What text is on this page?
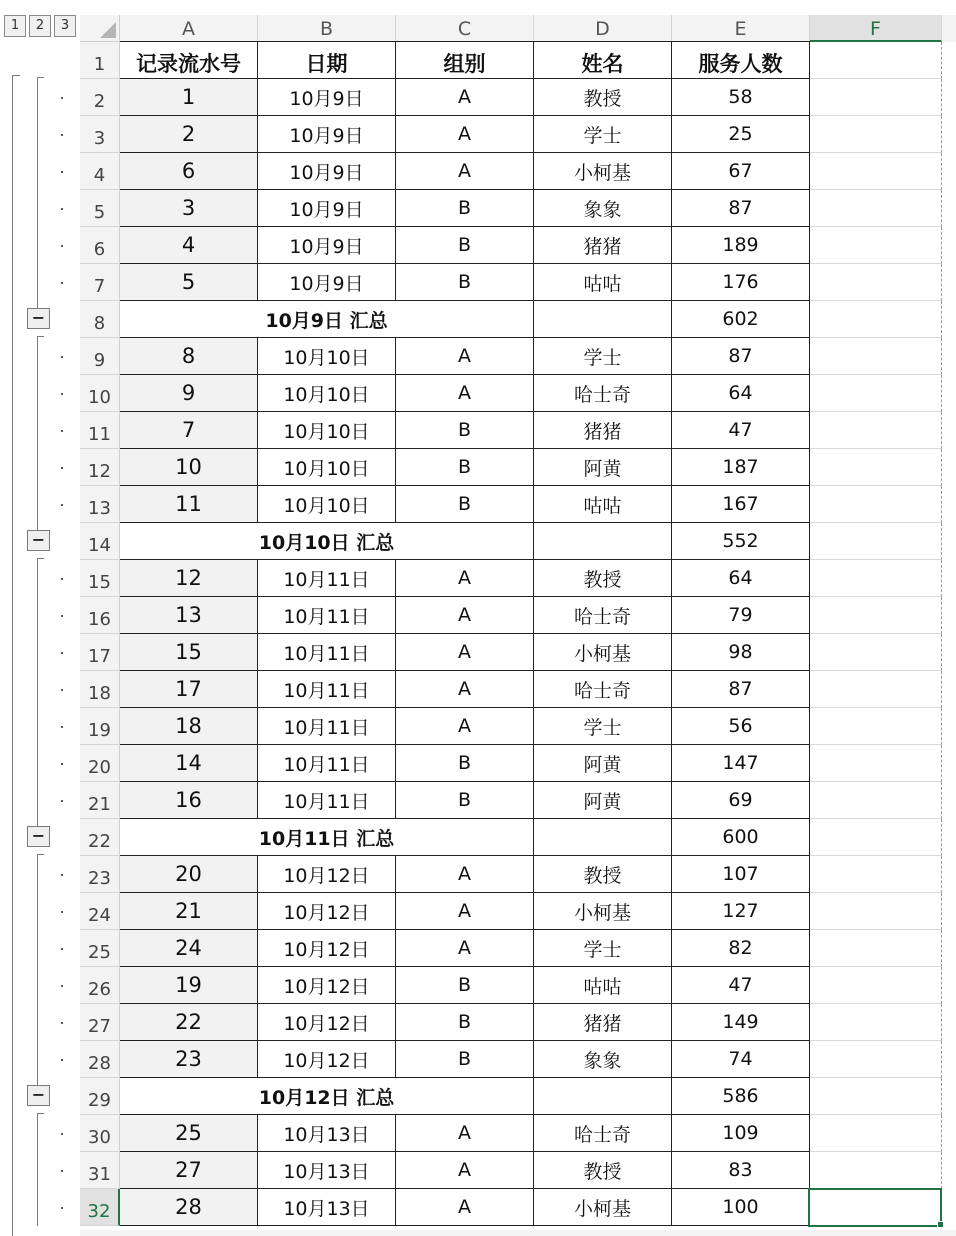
1	2	3	A	B	C	D	E	F
1	记录流水号	日期	组别	姓名	服务人数
2	1	10月9日	A	教授	58
3	2	10月9日	A	学士	25
4	6	10月9日	A	小柯基	67
5	3	10月9日	B	象象	87
6	4	10月9日	B	猪猪	189
7	5	10月9日	B	咕咕	176
8	10月9日 汇总	602
9	8	10月10日	A	学士	87
10	9	10月10日	A	哈士奇	64
11	7	10月10日	B	猪猪	47
12	10	10月10日	B	阿黄	187
13	11	10月10日	B	咕咕	167
14	10月10日 汇总	552
15	12	10月11日	A	教授	64
16	13	10月11日	A	哈士奇	79
17	15	10月11日	A	小柯基	98
18	17	10月11日	A	哈士奇	87
19	18	10月11日	A	学士	56
20	14	10月11日	B	阿黄	147
21	16	10月11日	B	阿黄	69
22	10月11日 汇总	600
23	20	10月12日	A	教授	107
24	21	10月12日	A	小柯基	127
25	24	10月12日	A	学士	82
26	19	10月12日	B	咕咕	47
27	22	10月12日	B	猪猪	149
28	23	10月12日	B	象象	74
29	10月12日 汇总	586
30	25	10月13日	A	哈士奇	109
31	27	10月13日	A	教授	83
32	28	10月13日	A	小柯基	100
−
−
−
−
